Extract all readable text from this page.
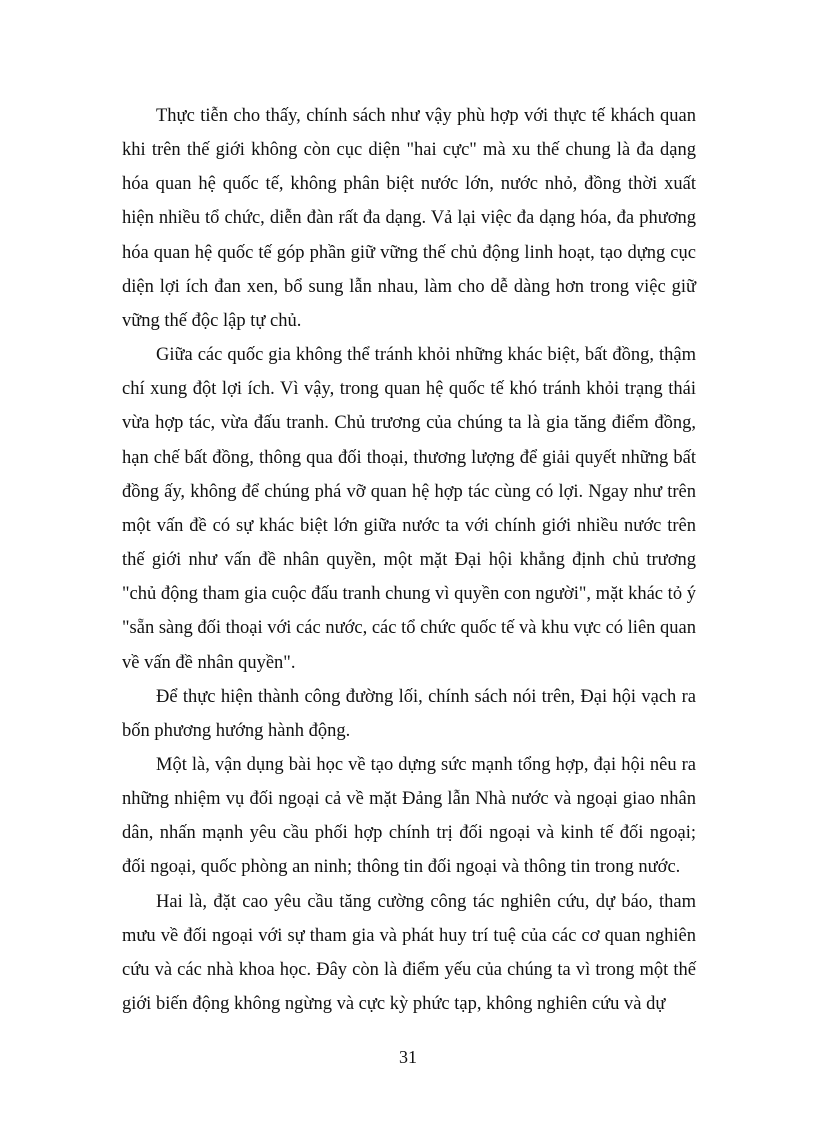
Thực tiễn cho thấy, chính sách như vậy phù hợp với thực tế khách quan khi trên thế giới không còn cục diện "hai cực" mà xu thế chung là đa dạng hóa quan hệ quốc tế, không phân biệt nước lớn, nước nhỏ, đồng thời xuất hiện nhiều tổ chức, diễn đàn rất đa dạng. Vả lại việc đa dạng hóa, đa phương hóa quan hệ quốc tế góp phần giữ vững thế chủ động linh hoạt, tạo dựng cục diện lợi ích đan xen, bổ sung lẫn nhau, làm cho dễ dàng hơn trong việc giữ vững thế độc lập tự chủ.

Giữa các quốc gia không thể tránh khỏi những khác biệt, bất đồng, thậm chí xung đột lợi ích. Vì vậy, trong quan hệ quốc tế khó tránh khỏi trạng thái vừa hợp tác, vừa đấu tranh. Chủ trương của chúng ta là gia tăng điểm đồng, hạn chế bất đồng, thông qua đối thoại, thương lượng để giải quyết những bất đồng ấy, không để chúng phá vỡ quan hệ hợp tác cùng có lợi. Ngay như trên một vấn đề có sự khác biệt lớn giữa nước ta với chính giới nhiều nước trên thế giới như vấn đề nhân quyền, một mặt Đại hội khẳng định chủ trương "chủ động tham gia cuộc đấu tranh chung vì quyền con người", mặt khác tỏ ý "sẵn sàng đối thoại với các nước, các tổ chức quốc tế và khu vực có liên quan về vấn đề nhân quyền".

Để thực hiện thành công đường lối, chính sách nói trên, Đại hội vạch ra bốn phương hướng hành động.

Một là, vận dụng bài học về tạo dựng sức mạnh tổng hợp, đại hội nêu ra những nhiệm vụ đối ngoại cả về mặt Đảng lẫn Nhà nước và ngoại giao nhân dân, nhấn mạnh yêu cầu phối hợp chính trị đối ngoại và kinh tế đối ngoại; đối ngoại, quốc phòng an ninh; thông tin đối ngoại và thông tin trong nước.

Hai là, đặt cao yêu cầu tăng cường công tác nghiên cứu, dự báo, tham mưu về đối ngoại với sự tham gia và phát huy trí tuệ của các cơ quan nghiên cứu và các nhà khoa học. Đây còn là điểm yếu của chúng ta vì trong một thế giới biến động không ngừng và cực kỳ phức tạp, không nghiên cứu và dự

31
